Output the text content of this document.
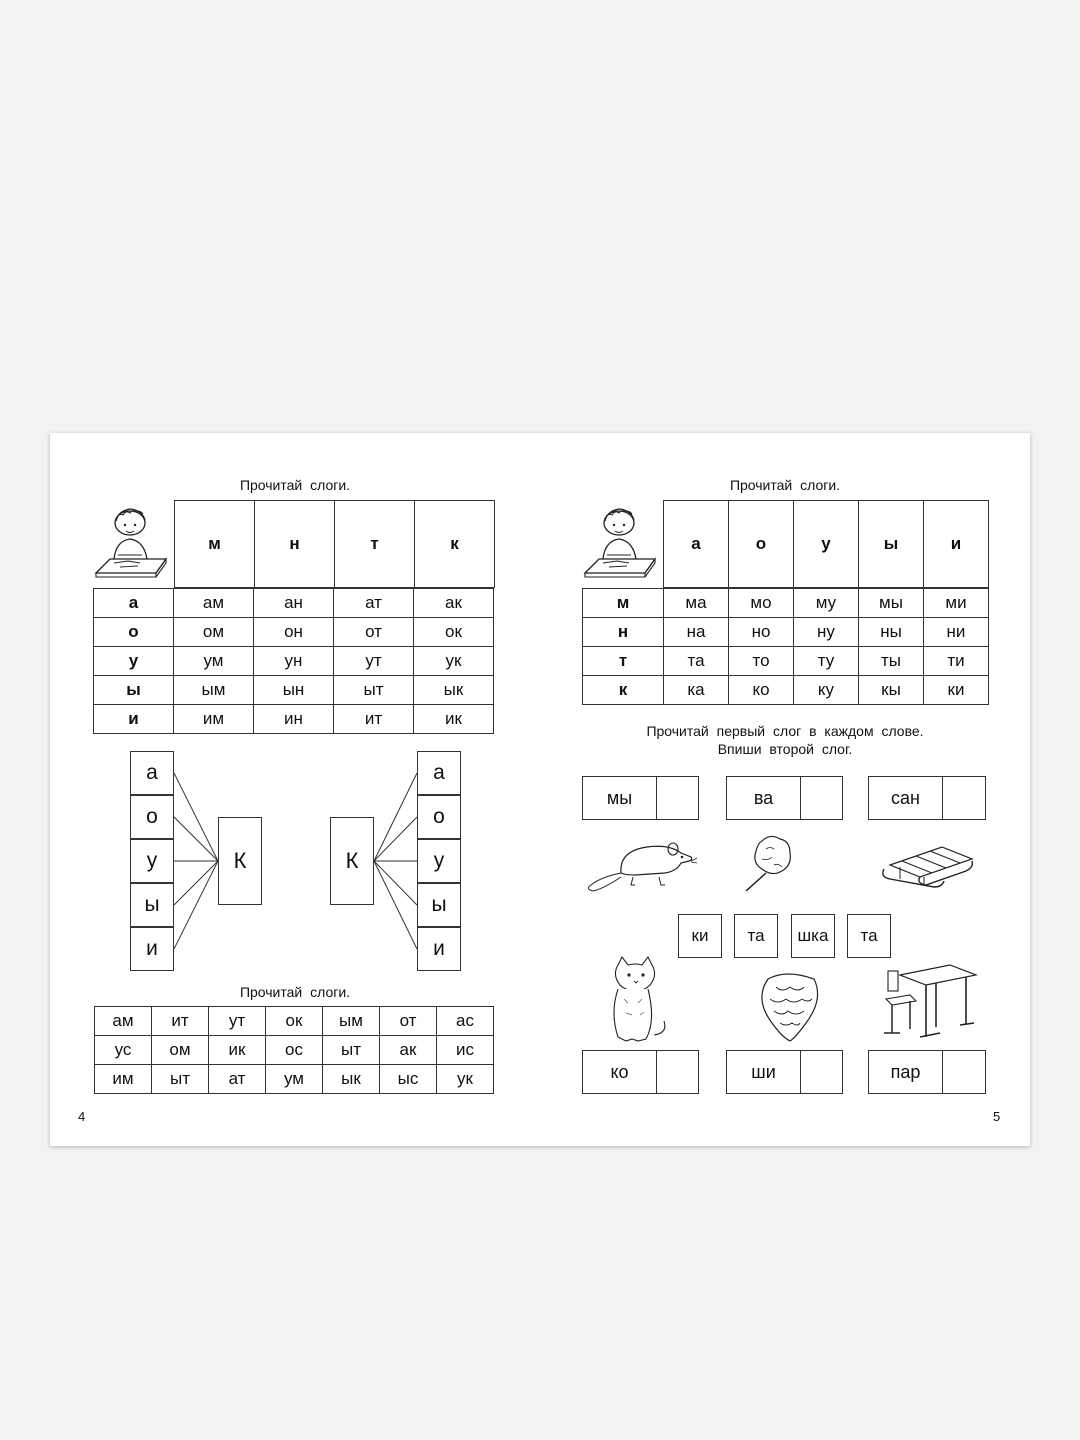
Прочитай слоги.
м	н	т	к
а	ам	ан	ат	ак
о	ом	он	от	ок
у	ум	ун	ут	ук
ы	ым	ын	ыт	ык
и	им	ин	ит	ик
а
о
у
ы
и
К	К
а
о
у
ы
и
Прочитай слоги.
ам	ит	ут	ок	ым	от	ас
ус	ом	ик	ос	ыт	ак	ис
им	ыт	ат	ум	ык	ыс	ук
4
Прочитай слоги.
а	о	у	ы	и
м	ма	мо	му	мы	ми
н	на	но	ну	ны	ни
т	та	то	ту	ты	ти
к	ка	ко	ку	кы	ки
Прочитай первый слог в каждом слове.
Впиши второй слог.
мы	ва	сан
ки	та	шка	та
ко	ши	пар
5
